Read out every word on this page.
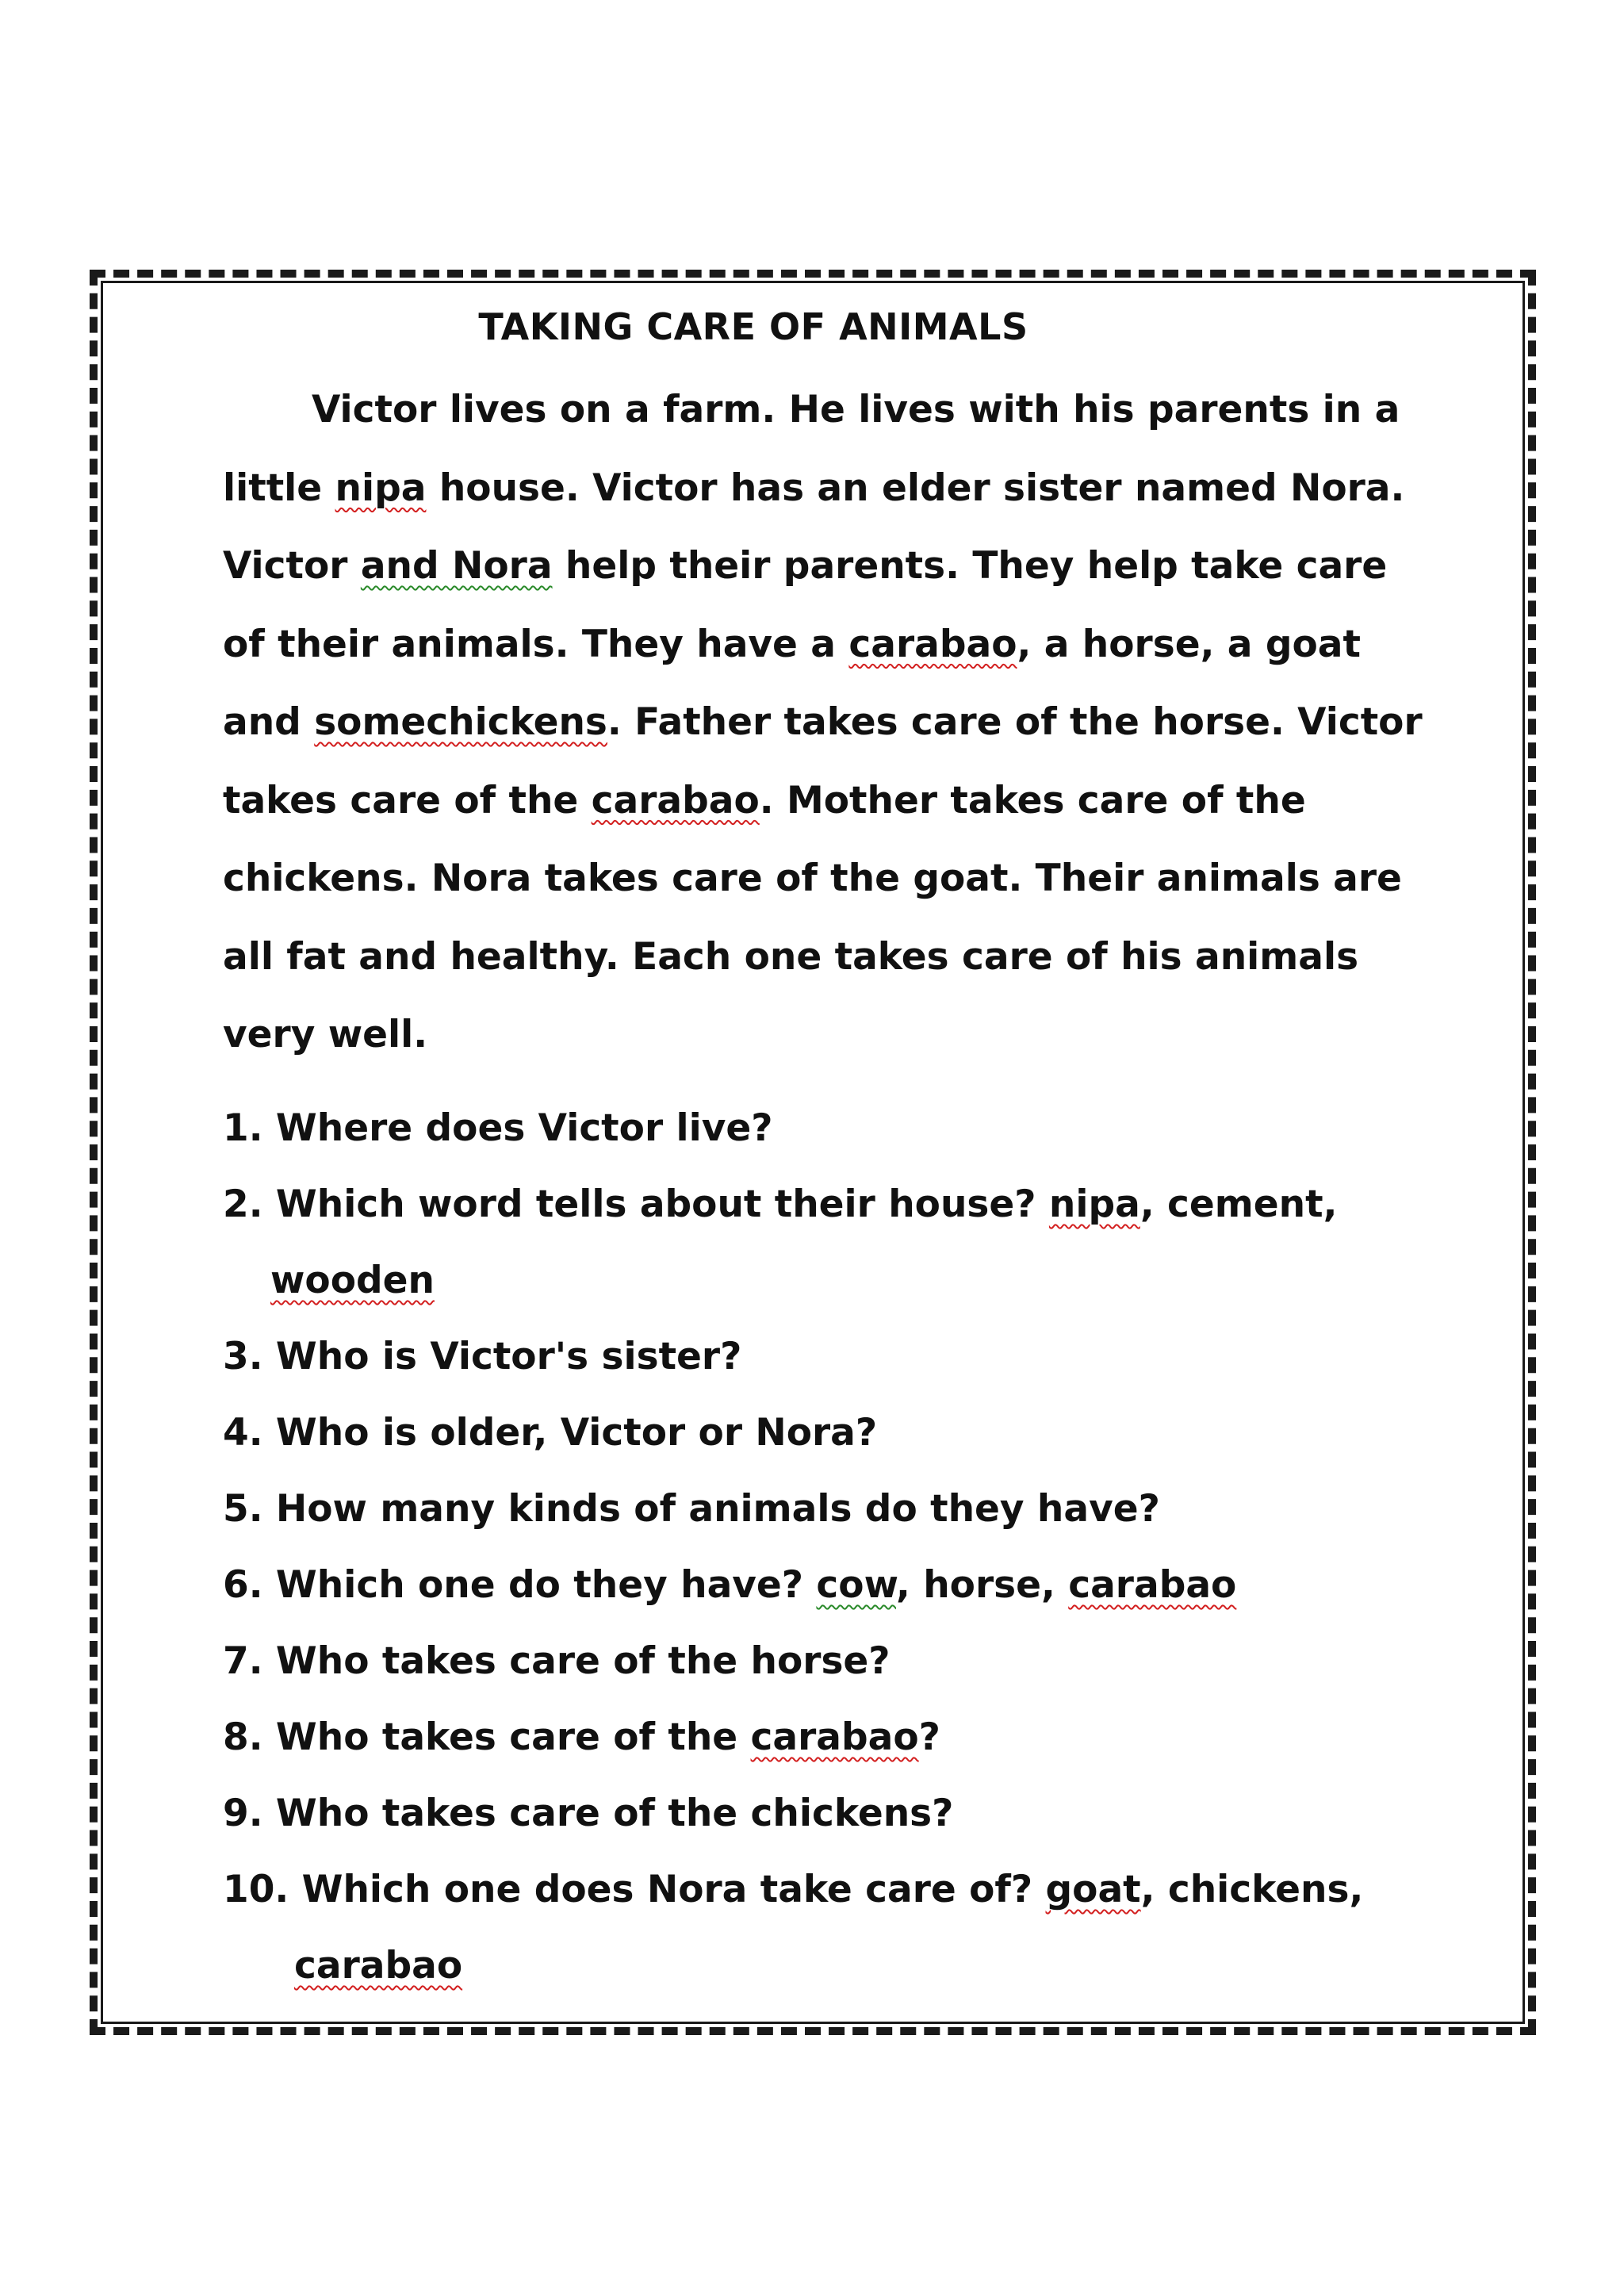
TAKING CARE OF ANIMALS
Victor lives on a farm. He lives with his parents in a
little nipa house. Victor has an elder sister named Nora.
Victor and Nora help their parents. They help take care
of their animals. They have a carabao, a horse, a goat
and somechickens. Father takes care of the horse. Victor
takes care of the carabao. Mother takes care of the
chickens. Nora takes care of the goat. Their animals are
all fat and healthy. Each one takes care of his animals
very well.
1. Where does Victor live?
2. Which word tells about their house? nipa, cement,
wooden
3. Who is Victor's sister?
4. Who is older, Victor or Nora?
5. How many kinds of animals do they have?
6. Which one do they have? cow, horse, carabao
7. Who takes care of the horse?
8. Who takes care of the carabao?
9. Who takes care of the chickens?
10. Which one does Nora take care of? goat, chickens,
carabao
